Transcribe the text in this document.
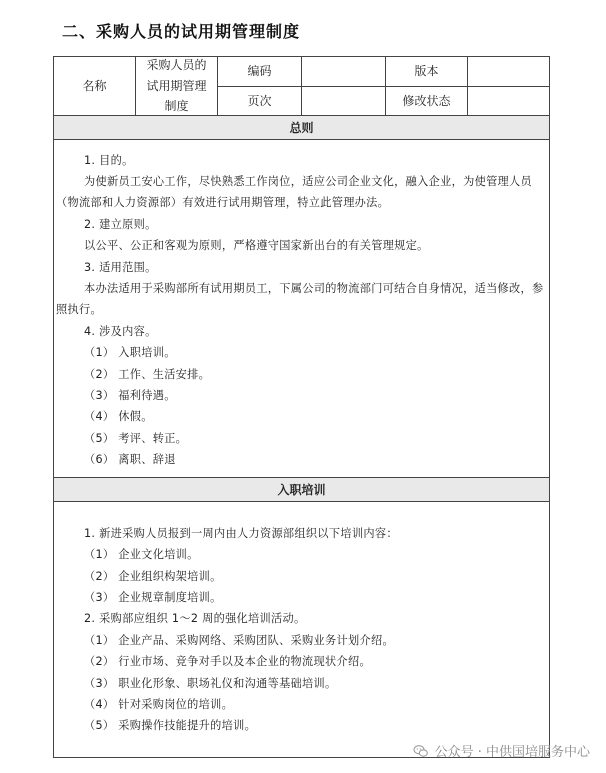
二、采购人员的试用期管理制度
名称
采购人员的试用期管理制度
编码	版本
页次	修改状态
总则
1. 目的。
为使新员工安心工作，尽快熟悉工作岗位，适应公司企业文化，融入企业，为使管理人员
（物流部和人力资源部）有效进行试用期管理，特立此管理办法。
2. 建立原则。
以公平、公正和客观为原则，严格遵守国家新出台的有关管理规定。
3. 适用范围。
本办法适用于采购部所有试用期员工，下属公司的物流部门可结合自身情况，适当修改，参
照执行。
4. 涉及内容。
（1） 入职培训。
（2） 工作、生活安排。
（3） 福利待遇。
（4） 休假。
（5） 考评、转正。
（6） 离职、辞退
入职培训
1. 新进采购人员报到一周内由人力资源部组织以下培训内容：
（1） 企业文化培训。
（2） 企业组织构架培训。
（3） 企业规章制度培训。
2. 采购部应组织 1～2 周的强化培训活动。
（1） 企业产品、采购网络、采购团队、采购业务计划介绍。
（2） 行业市场、竞争对手以及本企业的物流现状介绍。
（3） 职业化形象、职场礼仪和沟通等基础培训。
（4） 针对采购岗位的培训。
（5） 采购操作技能提升的培训。
公众号 · 中供国培服务中心
